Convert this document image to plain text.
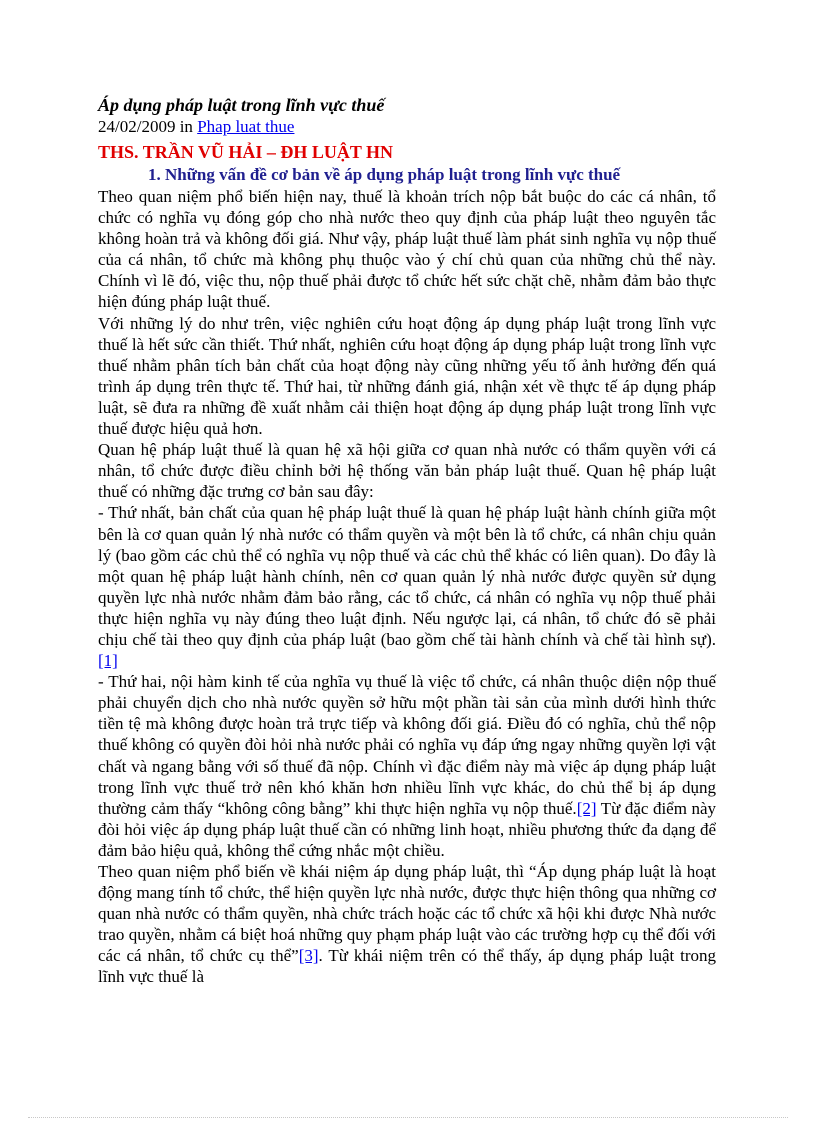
Áp dụng pháp luật trong lĩnh vực thuế

24/02/2009 in Phap luat thue

THS. TRẦN VŨ HẢI – ĐH LUẬT HN

1. Những vấn đề cơ bản về áp dụng pháp luật trong lĩnh vực thuế

Theo quan niệm phổ biến hiện nay, thuế là khoản trích nộp bắt buộc do các cá nhân, tổ chức có nghĩa vụ đóng góp cho nhà nước theo quy định của pháp luật theo nguyên tắc không hoàn trả và không đối giá. Như vậy, pháp luật thuế làm phát sinh nghĩa vụ nộp thuế của cá nhân, tổ chức mà không phụ thuộc vào ý chí chủ quan của những chủ thể này. Chính vì lẽ đó, việc thu, nộp thuế phải được tổ chức hết sức chặt chẽ, nhằm đảm bảo thực hiện đúng pháp luật thuế.

Với những lý do như trên, việc nghiên cứu hoạt động áp dụng pháp luật trong lĩnh vực thuế là hết sức cần thiết. Thứ nhất, nghiên cứu hoạt động áp dụng pháp luật trong lĩnh vực thuế nhằm phân tích bản chất của hoạt động này cũng những yếu tố ảnh hưởng đến quá trình áp dụng trên thực tế. Thứ hai, từ những đánh giá, nhận xét về thực tế áp dụng pháp luật, sẽ đưa ra những đề xuất nhằm cải thiện hoạt động áp dụng pháp luật trong lĩnh vực thuế được hiệu quả hơn.

Quan hệ pháp luật thuế là quan hệ xã hội giữa cơ quan nhà nước có thẩm quyền với cá nhân, tổ chức được điều chỉnh bởi hệ thống văn bản pháp luật thuế. Quan hệ pháp luật thuế có những đặc trưng cơ bản sau đây:

- Thứ nhất, bản chất của quan hệ pháp luật thuế là quan hệ pháp luật hành chính giữa một bên là cơ quan quản lý nhà nước có thẩm quyền và một bên là tổ chức, cá nhân chịu quản lý (bao gồm các chủ thể có nghĩa vụ nộp thuế và các chủ thể khác có liên quan). Do đây là một quan hệ pháp luật hành chính, nên cơ quan quản lý nhà nước được quyền sử dụng quyền lực nhà nước nhằm đảm bảo rằng, các tổ chức, cá nhân có nghĩa vụ nộp thuế phải thực hiện nghĩa vụ này đúng theo luật định. Nếu ngược lại, cá nhân, tổ chức đó sẽ phải chịu chế tài theo quy định của pháp luật (bao gồm chế tài hành chính và chế tài hình sự).[1]

- Thứ hai, nội hàm kinh tế của nghĩa vụ thuế là việc tổ chức, cá nhân thuộc diện nộp thuế phải chuyển dịch cho nhà nước quyền sở hữu một phần tài sản của mình dưới hình thức tiền tệ mà không được hoàn trả trực tiếp và không đối giá. Điều đó có nghĩa, chủ thể nộp thuế không có quyền đòi hỏi nhà nước phải có nghĩa vụ đáp ứng ngay những quyền lợi vật chất và ngang bằng với số thuế đã nộp. Chính vì đặc điểm này mà việc áp dụng pháp luật trong lĩnh vực thuế trở nên khó khăn hơn nhiều lĩnh vực khác, do chủ thể bị áp dụng thường cảm thấy “không công bằng” khi thực hiện nghĩa vụ nộp thuế.[2] Từ đặc điểm này đòi hỏi việc áp dụng pháp luật thuế cần có những linh hoạt, nhiều phương thức đa dạng để đảm bảo hiệu quả, không thể cứng nhắc một chiều.

Theo quan niệm phổ biến về khái niệm áp dụng pháp luật, thì “Áp dụng pháp luật là hoạt động mang tính tổ chức, thể hiện quyền lực nhà nước, được thực hiện thông qua những cơ quan nhà nước có thẩm quyền, nhà chức trách hoặc các tổ chức xã hội khi được Nhà nước trao quyền, nhằm cá biệt hoá những quy phạm pháp luật vào các trường hợp cụ thể đối với các cá nhân, tổ chức cụ thể”[3]. Từ khái niệm trên có thể thấy, áp dụng pháp luật trong lĩnh vực thuế là
